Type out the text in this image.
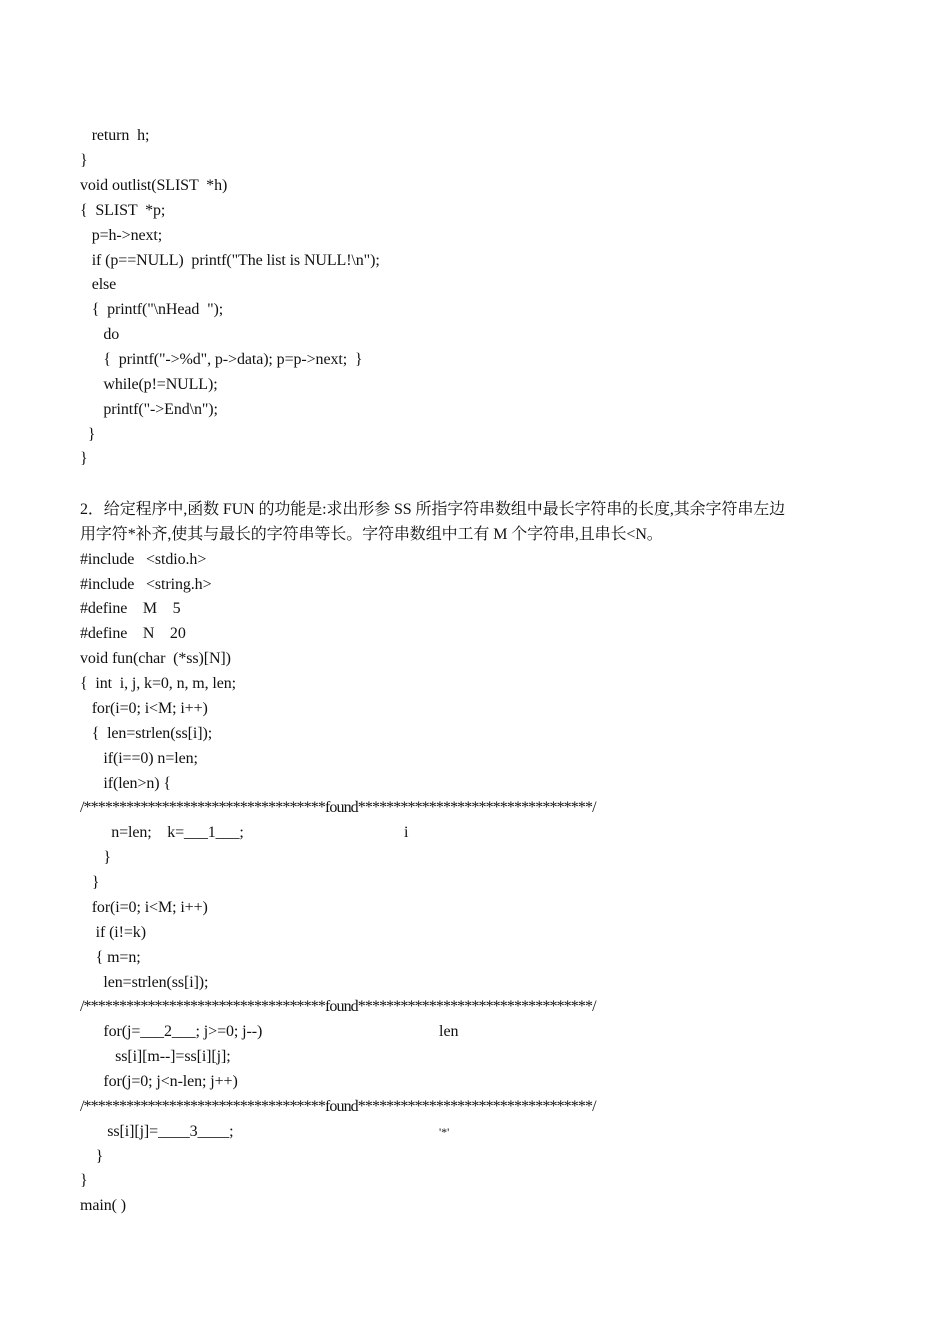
return  h;
}
void outlist(SLIST  *h)
{  SLIST  *p;
p=h->next;
if (p==NULL)  printf("The list is NULL!\n");
else
{  printf("\nHead  ");
do
{  printf("->%d", p->data); p=p->next;  }
while(p!=NULL);
printf("->End\n");
}
}
2．给定程序中,函数 FUN 的功能是:求出形参 SS 所指字符串数组中最长字符串的长度,其余字符串左边
用字符*补齐,使其与最长的字符串等长。字符串数组中工有 M 个字符串,且串长<N。
#include   <stdio.h>
#include   <string.h>
#define    M    5
#define    N    20
void fun(char  (*ss)[N])
{  int  i, j, k=0, n, m, len;
for(i=0; i<M; i++)
{  len=strlen(ss[i]);
if(i==0) n=len;
if(len>n) {
/**********************************found*********************************/
n=len;    k=___1___;	i
}
}
for(i=0; i<M; i++)
if (i!=k)
{ m=n;
len=strlen(ss[i]);
/**********************************found*********************************/
for(j=___2___; j>=0; j--)	len
ss[i][m--]=ss[i][j];
for(j=0; j<n-len; j++)
/**********************************found*********************************/
ss[i][j]=____3____;	'*'
}
}
main( )
